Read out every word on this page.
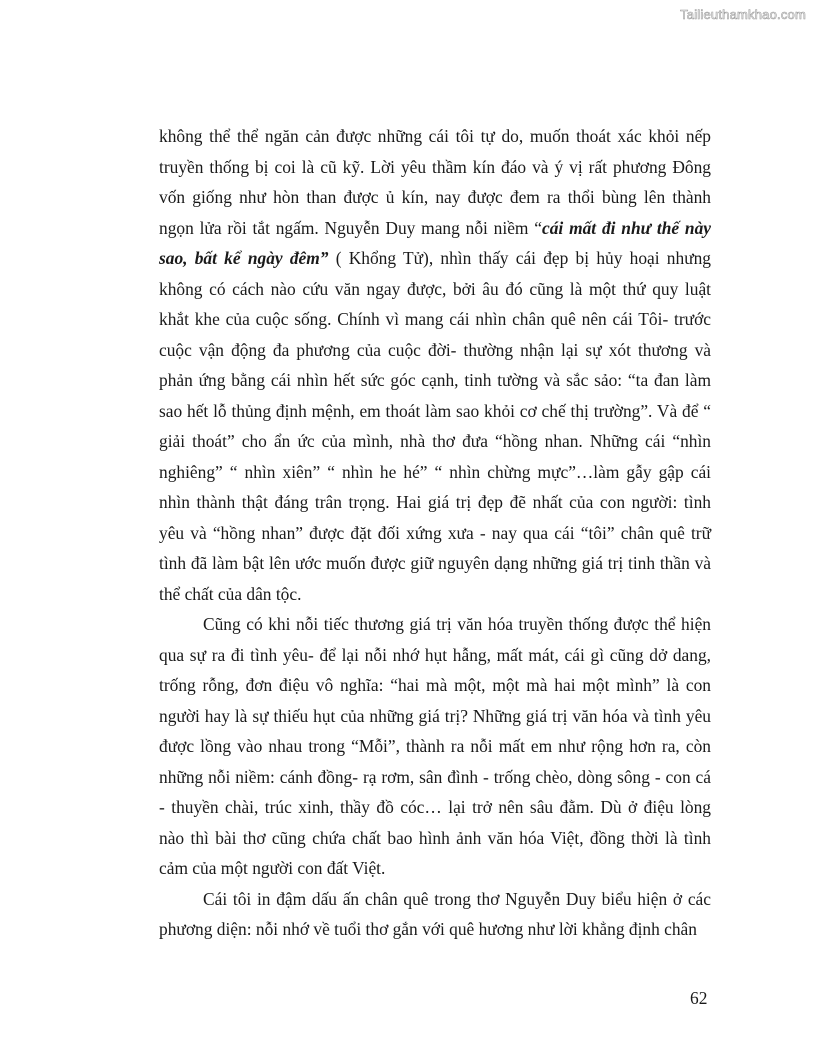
Tailieuthamkhao.com
không thể thể ngăn cản được những cái tôi tự do, muốn thoát xác khỏi nếp
truyền thống bị coi là cũ kỹ. Lời yêu thầm kín đáo và ý vị rất phương Đông
vốn giống như hòn than được ủ kín, nay được đem ra thổi bùng lên thành
ngọn lửa rồi tắt ngấm. Nguyễn Duy mang nỗi niềm “cái mất đi như thế này
sao, bất kể ngày đêm” ( Khổng Tử), nhìn thấy cái đẹp bị hủy hoại nhưng
không có cách nào cứu văn ngay được, bởi âu đó cũng là một thứ quy luật
khắt khe của cuộc sống. Chính vì mang cái nhìn chân quê nên cái Tôi- trước
cuộc vận động đa phương của cuộc đời- thường nhận lại sự xót thương và
phản ứng bằng cái nhìn hết sức góc cạnh, tinh tường và sắc sảo: “ta đan làm
sao hết lỗ thủng định mệnh, em thoát làm sao khỏi cơ chế thị trường”. Và để “
giải thoát” cho ẩn ức của mình, nhà thơ đưa “hồng nhan. Những cái “nhìn
nghiêng” “ nhìn xiên” “ nhìn he hé” “ nhìn chừng mực”…làm gẫy gập cái
nhìn thành thật đáng trân trọng. Hai giá trị đẹp đẽ nhất của con người: tình
yêu và “hồng nhan” được đặt đối xứng xưa - nay qua cái “tôi” chân quê trữ
tình đã làm bật lên ước muốn được giữ nguyên dạng những giá trị tinh thần và
thể chất của dân tộc.
Cũng có khi nỗi tiếc thương giá trị văn hóa truyền thống được thể hiện
qua sự ra đi tình yêu- để lại nỗi nhớ hụt hẫng, mất mát, cái gì cũng dở dang,
trống rỗng, đơn điệu vô nghĩa: “hai mà một, một mà hai một mình” là con
người hay là sự thiếu hụt của những giá trị? Những giá trị văn hóa và tình yêu
được lồng vào nhau trong “Mỗi”, thành ra nỗi mất em như rộng hơn ra, còn
những nỗi niềm: cánh đồng- rạ rơm, sân đình - trống chèo, dòng sông - con cá
- thuyền chài, trúc xinh, thầy đồ cóc… lại trở nên sâu đằm. Dù ở điệu lòng
nào thì bài thơ cũng chứa chất bao hình ảnh văn hóa Việt, đồng thời là tình
cảm của một người con đất Việt.
Cái tôi in đậm dấu ấn chân quê trong thơ Nguyễn Duy biểu hiện ở các
phương diện: nỗi nhớ về tuổi thơ gắn với quê hương như lời khẳng định chân
62
